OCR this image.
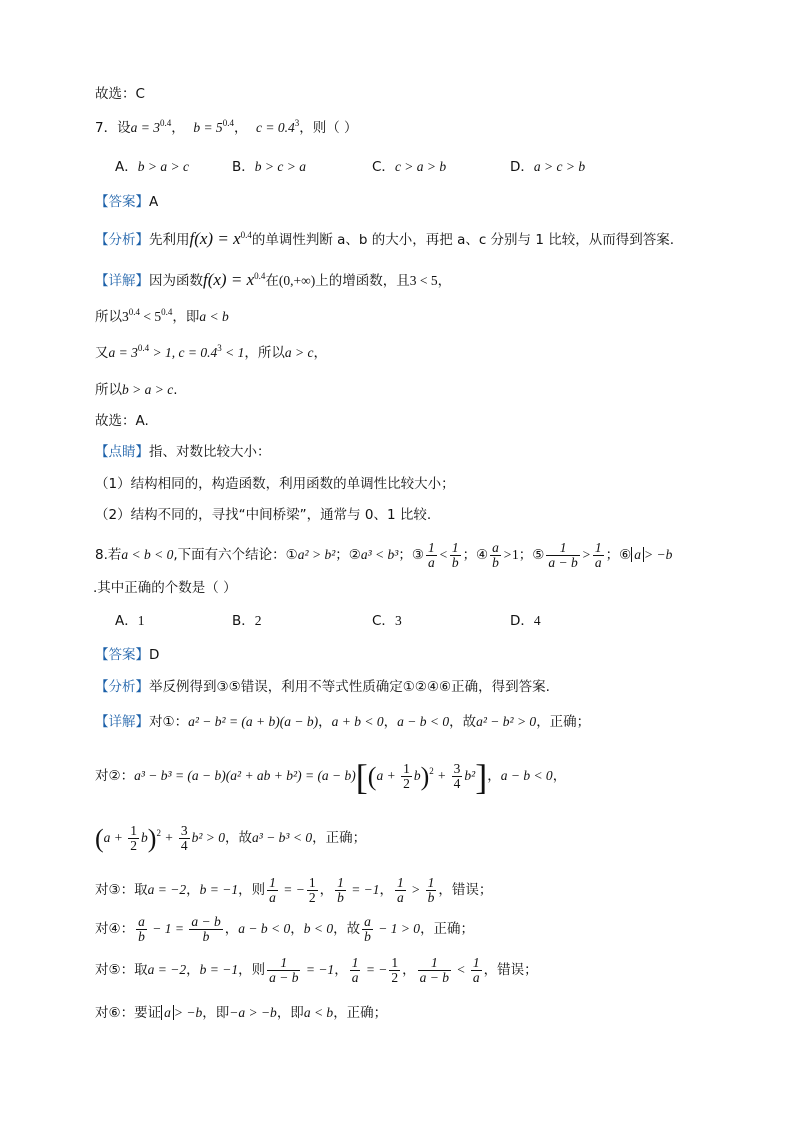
故选：C
7．设$a = 3^{0.4}$，  $b = 5^{0.4}$，  $c = 0.4^3$，则（ ）
A．b > a > c	B．b > c > a	C．c > a > b	D．a > c > b
【答案】A
【分析】先利用$f(x) = x^{0.4}$的单调性判断 a、b 的大小，再把 a、c 分别与 1 比较，从而得到答案.
【详解】因为函数$f(x) = x^{0.4}$在(0,+∞)上的增函数，且3 < 5，
所以$3^{0.4} < 5^{0.4}$，即a < b
又$a = 3^{0.4} > 1$, $c = 0.4^3 < 1$，所以a > c，
所以b > a > c.
故选：A.
【点睛】指、对数比较大小：
（1）结构相同的，构造函数，利用函数的单调性比较大小；
（2）结构不同的，寻找“中间桥梁”，通常与 0、1 比较.
8.若a < b < 0,下面有六个结论：①a² > b²；②a³ < b³；③ $\frac{1}{a} < \frac{1}{b}$ ；④ $\frac{a}{b} >1$；⑤ $\frac{1}{a - b} > \frac{1}{a}$ ；⑥ a > −b
.其中正确的个数是（ ）
A．1	B．2	C．3	D．4
【答案】D
【分析】举反例得到③⑤错误，利用不等式性质确定①②④⑥正确，得到答案.
【详解】对①：a² − b² = (a + b)(a − b)，a + b < 0，a − b < 0，故a² − b² > 0，正确；
对②：a³ − b³ = (a − b)(a² + ab + $b^2) = (a - b)[(a + \frac{1}{2} b)^2 + \frac{3}{4} b^2]$，a − b < 0，
$(a + \frac{1}{2} b)^2 + \frac{3}{4} b^2 > 0$，故a³ − b³ < 0，正确；
对③：取a = −2，b = −1，则 $\frac{1}{a}$ = − $\frac{1}{2}$ ， $\frac{1}{b} = -1$， $\frac{1}{a} > \frac{1}{b}$ ，错误；
对④： $\frac{a}{b} - 1 = \frac{a - b}{b}$ ，a − b < 0，b < 0，故 $\frac{a}{b} - 1 > 0$，正确；
对⑤：取a = −2，b = −1，则 $\frac{1}{a - b} = -1$， $\frac{1}{a}$ = − $\frac{1}{2}$ ， $\frac{1}{a - b} < \frac{1}{a}$ ，错误；
对⑥：要证 a > −b，即−a > −b，即a < b，正确；
